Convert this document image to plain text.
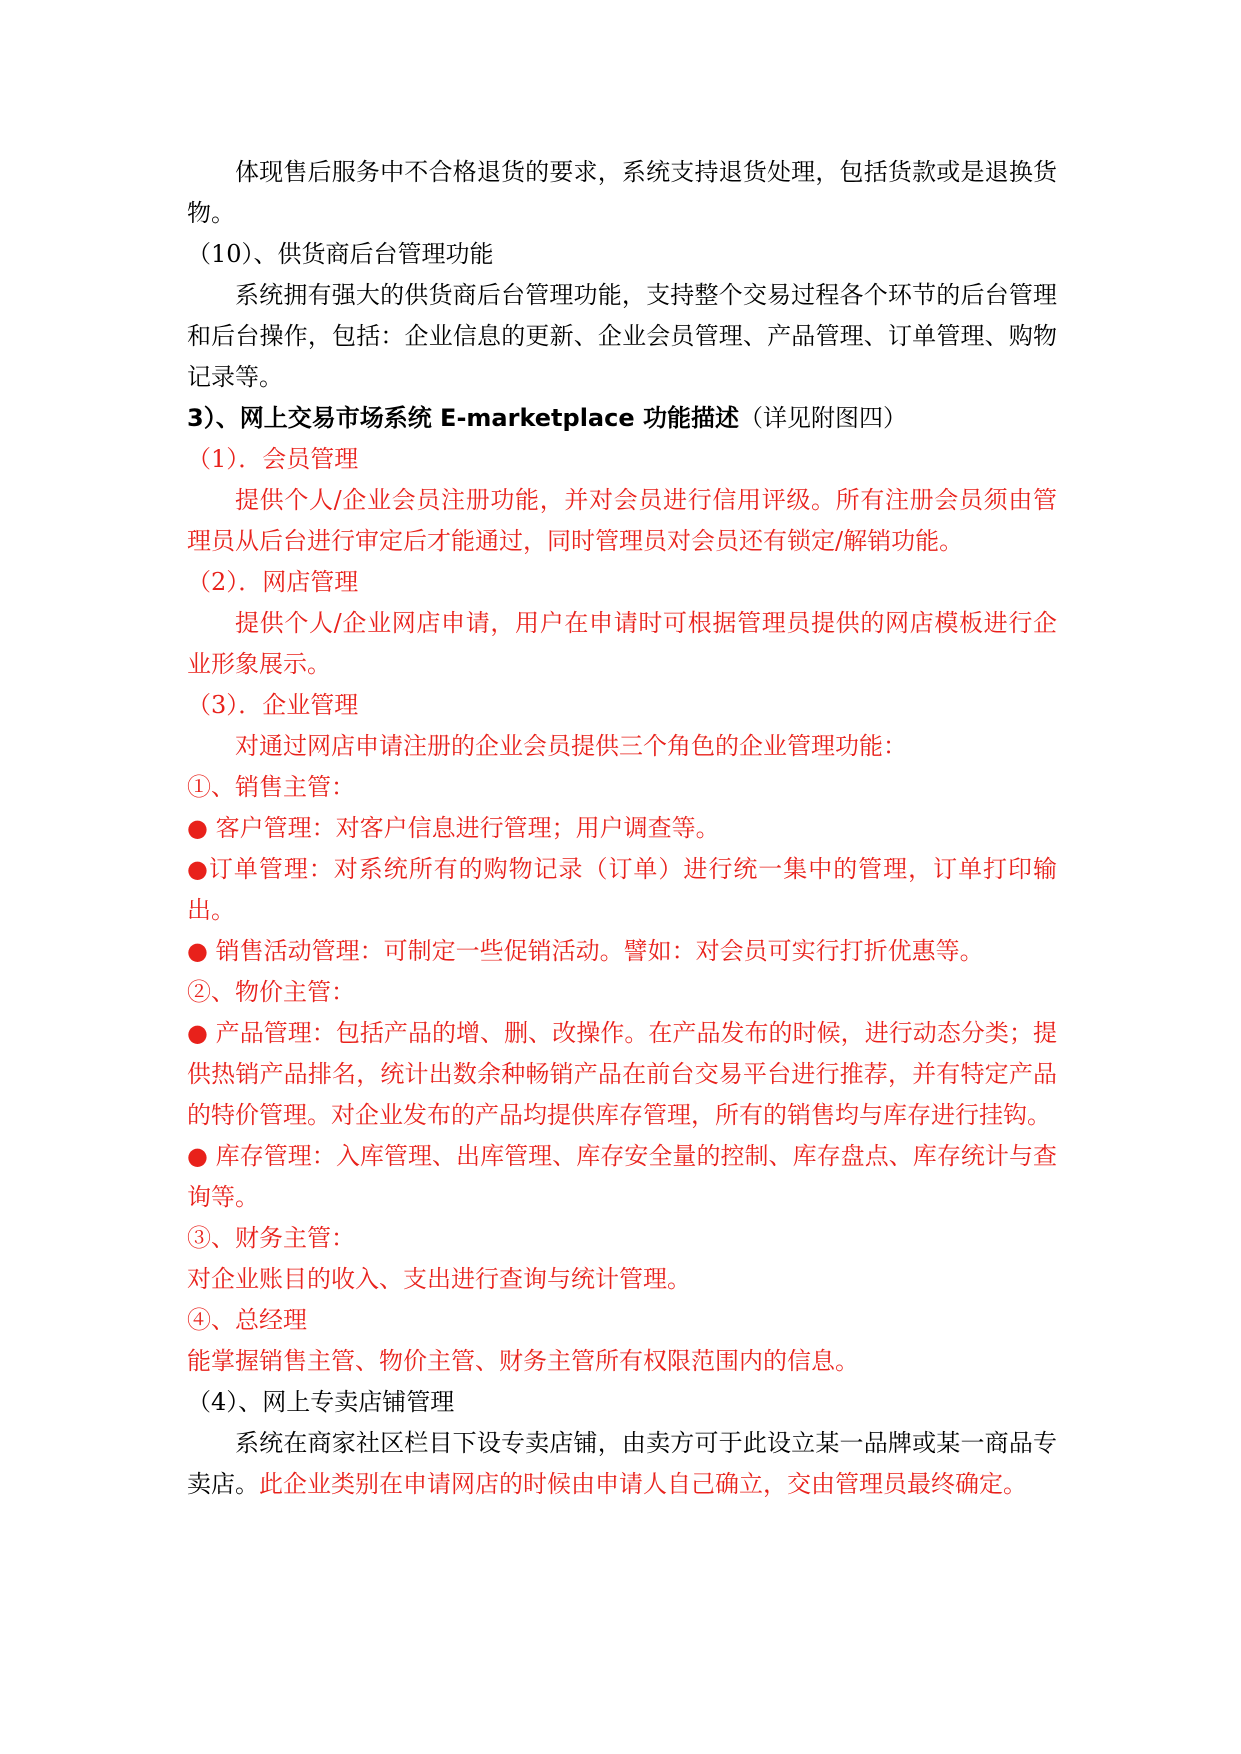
体现售后服务中不合格退货的要求，系统支持退货处理，包括货款或是退换货物。

（10）、供货商后台管理功能

系统拥有强大的供货商后台管理功能，支持整个交易过程各个环节的后台管理和后台操作，包括：企业信息的更新、企业会员管理、产品管理、订单管理、购物记录等。

3）、网上交易市场系统 E-marketplace 功能描述（详见附图四）

（1）．会员管理

提供个人/企业会员注册功能，并对会员进行信用评级。所有注册会员须由管理员从后台进行审定后才能通过，同时管理员对会员还有锁定/解销功能。

（2）．网店管理

提供个人/企业网店申请，用户在申请时可根据管理员提供的网店模板进行企业形象展示。

（3）．企业管理

对通过网店申请注册的企业会员提供三个角色的企业管理功能：

①、销售主管：

● 客户管理：对客户信息进行管理；用户调查等。

●订单管理：对系统所有的购物记录（订单）进行统一集中的管理，订单打印输出。

● 销售活动管理：可制定一些促销活动。譬如：对会员可实行打折优惠等。

②、物价主管：

● 产品管理：包括产品的增、删、改操作。在产品发布的时候，进行动态分类；提供热销产品排名，统计出数余种畅销产品在前台交易平台进行推荐，并有特定产品的特价管理。对企业发布的产品均提供库存管理，所有的销售均与库存进行挂钩。

● 库存管理：入库管理、出库管理、库存安全量的控制、库存盘点、库存统计与查询等。

③、财务主管：

对企业账目的收入、支出进行查询与统计管理。

④、总经理

能掌握销售主管、物价主管、财务主管所有权限范围内的信息。

（4）、网上专卖店铺管理

系统在商家社区栏目下设专卖店铺，由卖方可于此设立某一品牌或某一商品专卖店。此企业类别在申请网店的时候由申请人自己确立，交由管理员最终确定。
